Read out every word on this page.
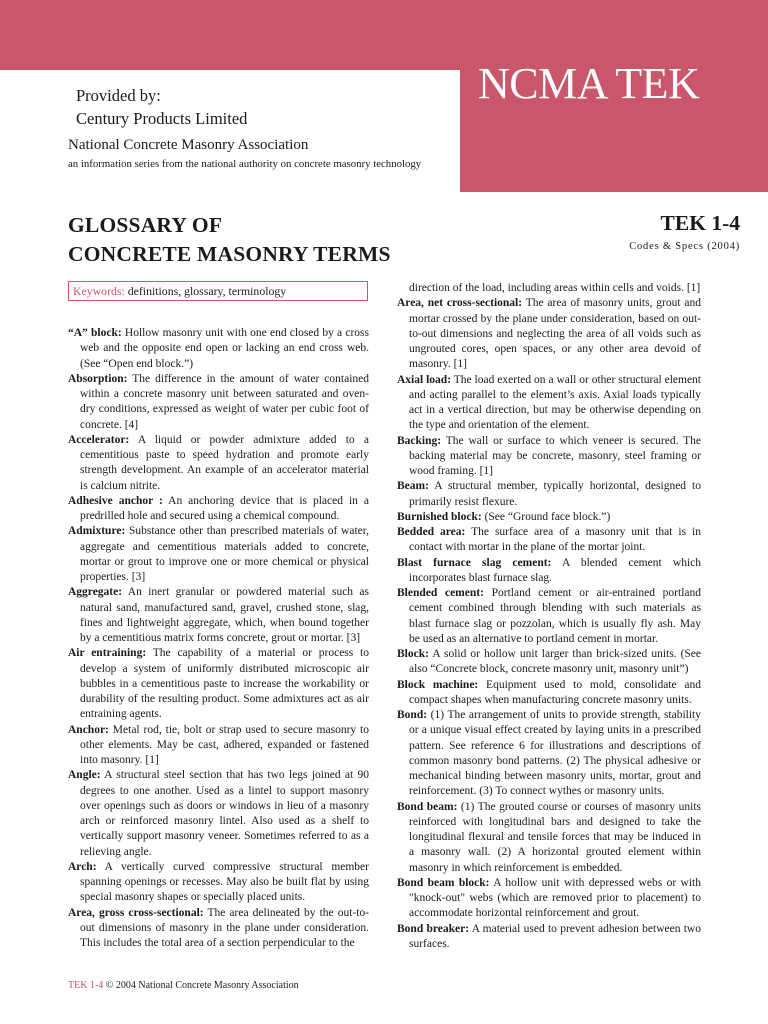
NCMA TEK
Provided by:
Century Products Limited
National Concrete Masonry Association
an information series from the national authority on concrete masonry technology
GLOSSARY OF
CONCRETE MASONRY TERMS
TEK 1-4
Codes & Specs (2004)
Keywords: definitions, glossary, terminology

“A” block: Hollow masonry unit with one end closed by a cross web and the opposite end open or lacking an end cross web. (See “Open end block.”)

Absorption: The difference in the amount of water contained within a concrete masonry unit between saturated and oven-dry conditions, expressed as weight of water per cubic foot of concrete. [4]

Accelerator: A liquid or powder admixture added to a cementitious paste to speed hydration and promote early strength development. An example of an accelerator material is calcium nitrite.

Adhesive anchor : An anchoring device that is placed in a predrilled hole and secured using a chemical compound.

Admixture: Substance other than prescribed materials of water, aggregate and cementitious materials added to concrete, mortar or grout to improve one or more chemical or physical properties. [3]

Aggregate: An inert granular or powdered material such as natural sand, manufactured sand, gravel, crushed stone, slag, fines and lightweight aggregate, which, when bound together by a cementitious matrix forms concrete, grout or mortar. [3]

Air entraining: The capability of a material or process to develop a system of uniformly distributed microscopic air bubbles in a cementitious paste to increase the workability or durability of the resulting product. Some admixtures act as air entraining agents.

Anchor: Metal rod, tie, bolt or strap used to secure masonry to other elements. May be cast, adhered, expanded or fastened into masonry. [1]

Angle: A structural steel section that has two legs joined at 90 degrees to one another. Used as a lintel to support masonry over openings such as doors or windows in lieu of a masonry arch or reinforced masonry lintel. Also used as a shelf to vertically support masonry veneer. Sometimes referred to as a relieving angle.

Arch: A vertically curved compressive structural member spanning openings or recesses. May also be built flat by using special masonry shapes or specially placed units.

Area, gross cross-sectional: The area delineated by the out-to-out dimensions of masonry in the plane under consideration. This includes the total area of a section perpendicular to the

direction of the load, including areas within cells and voids. [1]

Area, net cross-sectional: The area of masonry units, grout and mortar crossed by the plane under consideration, based on out-to-out dimensions and neglecting the area of all voids such as ungrouted cores, open spaces, or any other area devoid of masonry. [1]

Axial load: The load exerted on a wall or other structural element and acting parallel to the element’s axis. Axial loads typically act in a vertical direction, but may be otherwise depending on the type and orientation of the element.

Backing: The wall or surface to which veneer is secured. The backing material may be concrete, masonry, steel framing or wood framing. [1]

Beam: A structural member, typically horizontal, designed to primarily resist flexure.

Burnished block: (See “Ground face block.”)

Bedded area: The surface area of a masonry unit that is in contact with mortar in the plane of the mortar joint.

Blast furnace slag cement: A blended cement which incorporates blast furnace slag.

Blended cement: Portland cement or air-entrained portland cement combined through blending with such materials as blast furnace slag or pozzolan, which is usually fly ash. May be used as an alternative to portland cement in mortar.

Block: A solid or hollow unit larger than brick-sized units. (See also “Concrete block, concrete masonry unit, masonry unit”)

Block machine: Equipment used to mold, consolidate and compact shapes when manufacturing concrete masonry units.

Bond: (1) The arrangement of units to provide strength, stability or a unique visual effect created by laying units in a prescribed pattern. See reference 6 for illustrations and descriptions of common masonry bond patterns. (2) The physical adhesive or mechanical binding between masonry units, mortar, grout and reinforcement. (3) To connect wythes or masonry units.

Bond beam: (1) The grouted course or courses of masonry units reinforced with longitudinal bars and designed to take the longitudinal flexural and tensile forces that may be induced in a masonry wall. (2) A horizontal grouted element within masonry in which reinforcement is embedded.

Bond beam block: A hollow unit with depressed webs or with "knock-out" webs (which are removed prior to placement) to accommodate horizontal reinforcement and grout.

Bond breaker: A material used to prevent adhesion between two surfaces.

TEK 1-4 © 2004 National Concrete Masonry Association
